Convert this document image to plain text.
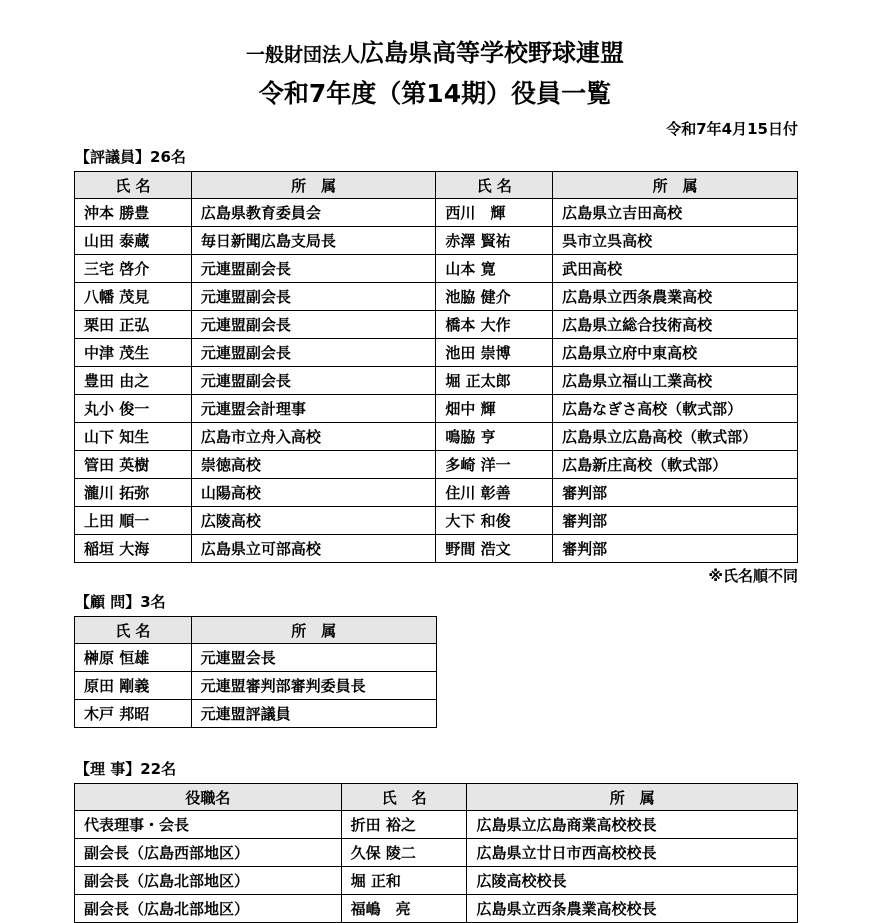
一般財団法人広島県高等学校野球連盟
令和7年度（第14期）役員一覧
令和7年4月15日付
【評議員】26名
氏 名	所　属	氏 名	所　属
沖本 勝豊	広島県教育委員会	西川　輝	広島県立吉田高校
山田 泰蔵	毎日新聞広島支局長	赤澤 賢祐	呉市立呉高校
三宅 啓介	元連盟副会長	山本 寛	武田高校
八幡 茂見	元連盟副会長	池脇 健介	広島県立西条農業高校
栗田 正弘	元連盟副会長	橋本 大作	広島県立総合技術高校
中津 茂生	元連盟副会長	池田 崇博	広島県立府中東高校
豊田 由之	元連盟副会長	堀 正太郎	広島県立福山工業高校
丸小 俊一	元連盟会計理事	畑中 輝	広島なぎさ高校（軟式部）
山下 知生	広島市立舟入高校	鳴脇 亨	広島県立広島高校（軟式部）
管田 英樹	崇徳高校	多崎 洋一	広島新庄高校（軟式部）
瀧川 拓弥	山陽高校	住川 彰善	審判部
上田 順一	広陵高校	大下 和俊	審判部
稲垣 大海	広島県立可部高校	野間 浩文	審判部
※氏名順不同
【顧 問】3名
氏 名	所　属
榊原 恒雄	元連盟会長
原田 剛義	元連盟審判部審判委員長
木戸 邦昭	元連盟評議員
【理 事】22名
役職名	氏　名	所　属
代表理事・会長	折田 裕之	広島県立広島商業高校校長
副会長（広島西部地区）	久保 陵二	広島県立廿日市西高校校長
副会長（広島北部地区）	堀 正和	広陵高校校長
副会長（広島北部地区）	福嶋　亮	広島県立西条農業高校校長
